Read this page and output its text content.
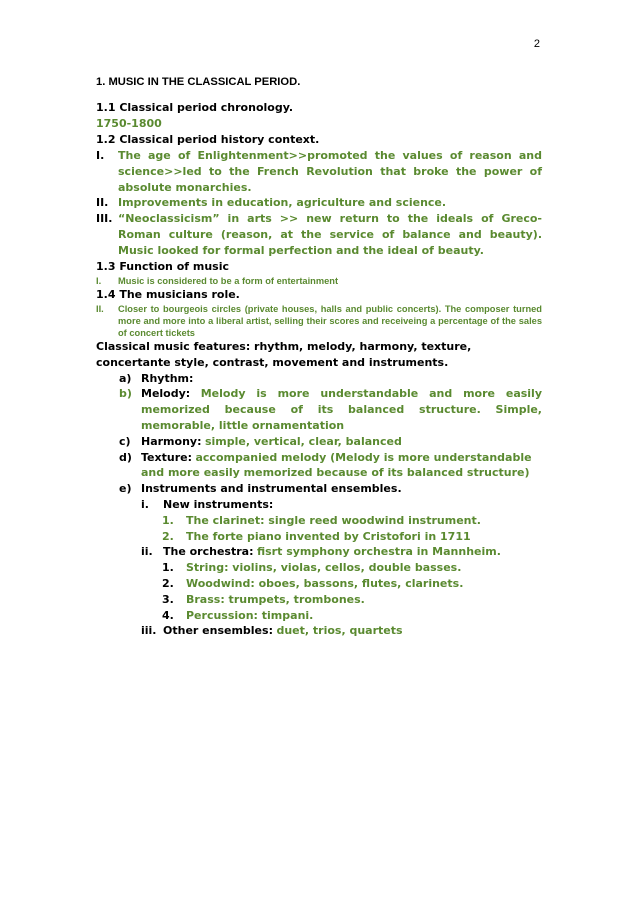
2
1. MUSIC IN THE CLASSICAL PERIOD.
1.1 Classical period chronology.
1750-1800
1.2 Classical period history context.
I.	The age of Enlightenment>>promoted the values of reason and science>>led to the French Revolution that broke the power of absolute monarchies.
II. Improvements in education, agriculture and science.
III. “Neoclassicism” in arts >> new return to the ideals of Greco-Roman culture (reason, at the service of balance and beauty). Music looked for formal perfection and the ideal of beauty.
1.3 Function of music
I.	Music is considered to be a form of entertainment
1.4 The musicians role.
II.	Closer to bourgeois circles (private houses, halls and public concerts). The composer turned more and more into a liberal artist, selling their scores and receiveing a percentage of the sales of concert tickets
Classical music features: rhythm, melody, harmony, texture, concertante style, contrast, movement and instruments.
a) Rhythm:
b) Melody: Melody is more understandable and more easily memorized because of its balanced structure. Simple, memorable, little ornamentation
c) Harmony: simple, vertical, clear, balanced
d) Texture: accompanied melody (Melody is more understandable and more easily memorized because of its balanced structure)
e) Instruments and instrumental ensembles.
i.	New instruments:
1.	The clarinet: single reed woodwind instrument.
2.	The forte piano invented by Cristofori in 1711
ii. The orchestra: fisrt symphony orchestra in Mannheim.
1.	String: violins, violas, cellos, double basses.
2.	Woodwind: oboes, bassons, flutes, clarinets.
3.	Brass: trumpets, trombones.
4.	Percussion: timpani.
iii. Other ensembles: duet, trios, quartets
